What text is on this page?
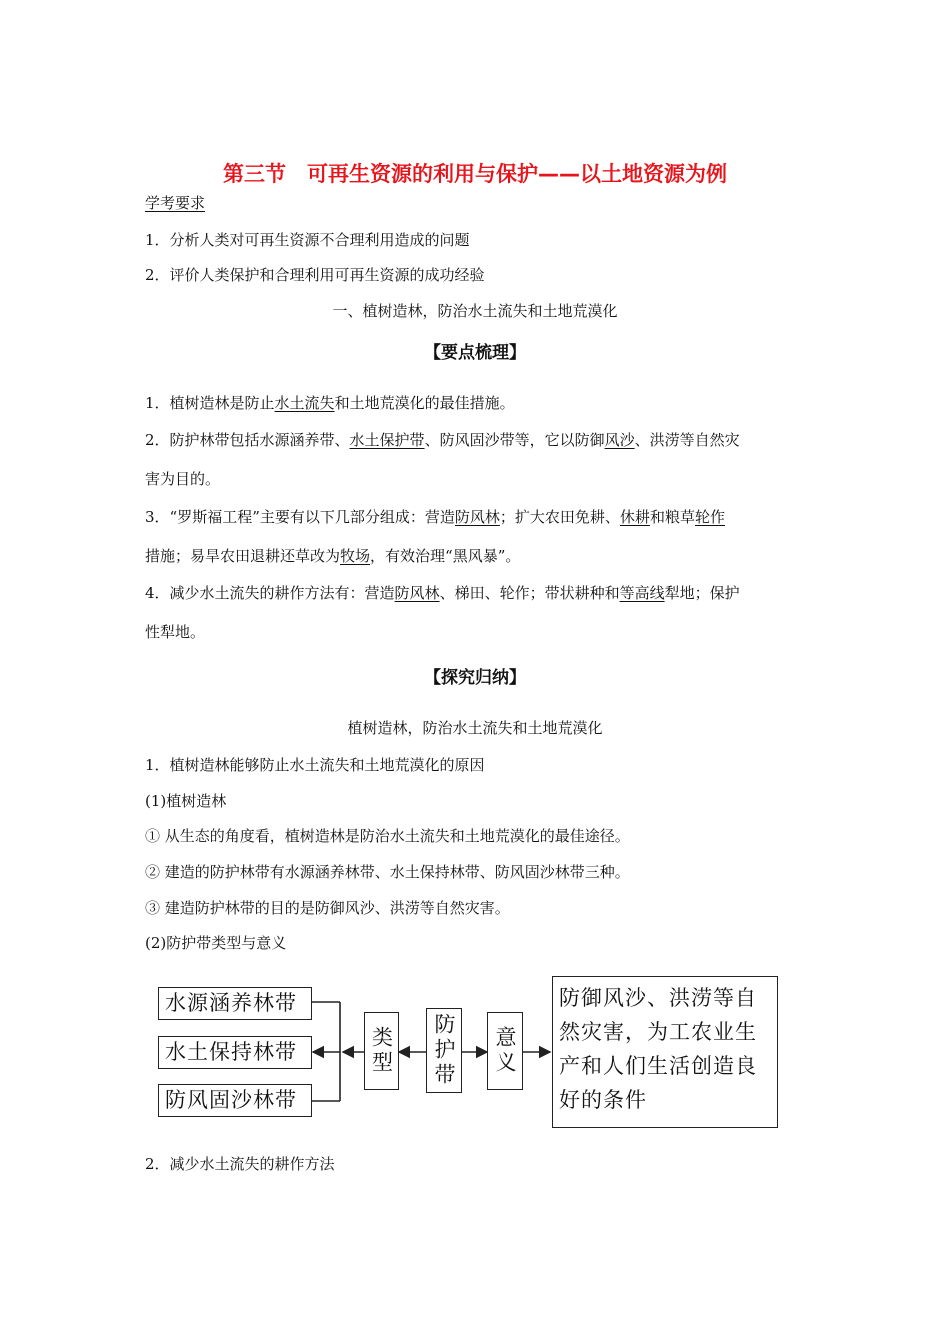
第三节　可再生资源的利用与保护——以土地资源为例
学考要求
1．分析人类对可再生资源不合理利用造成的问题
2．评价人类保护和合理利用可再生资源的成功经验
一、植树造林，防治水土流失和土地荒漠化
【要点梳理】
1．植树造林是防止水土流失和土地荒漠化的最佳措施。
2．防护林带包括水源涵养带、水土保护带、防风固沙带等，它以防御风沙、洪涝等自然灾
害为目的。
3．“罗斯福工程”主要有以下几部分组成：营造防风林；扩大农田免耕、休耕和粮草轮作
措施；易旱农田退耕还草改为牧场，有效治理“黑风暴”。
4．减少水土流失的耕作方法有：营造防风林、梯田、轮作；带状耕种和等高线犁地；保护
性犁地。
【探究归纳】
植树造林，防治水土流失和土地荒漠化
1．植树造林能够防止水土流失和土地荒漠化的原因
(1)植树造林
① 从生态的角度看，植树造林是防治水土流失和土地荒漠化的最佳途径。
② 建造的防护林带有水源涵养林带、水土保持林带、防风固沙林带三种。
③ 建造防护林带的目的是防御风沙、洪涝等自然灾害。
(2)防护带类型与意义
水源涵养林带
水土保持林带
防风固沙林带
类型 防护带 意义
防御风沙、洪涝等自然灾害，为工农业生产和人们生活创造良好的条件
2．减少水土流失的耕作方法
